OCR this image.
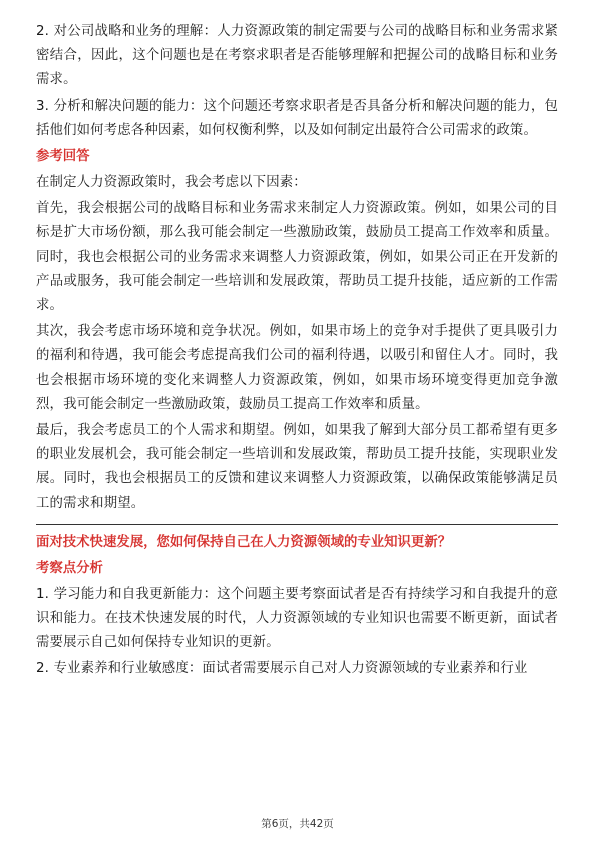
2. 对公司战略和业务的理解：人力资源政策的制定需要与公司的战略目标和业务需求紧密结合，因此，这个问题也是在考察求职者是否能够理解和把握公司的战略目标和业务需求。

3. 分析和解决问题的能力：这个问题还考察求职者是否具备分析和解决问题的能力，包括他们如何考虑各种因素，如何权衡利弊，以及如何制定出最符合公司需求的政策。

参考回答

在制定人力资源政策时，我会考虑以下因素：

首先，我会根据公司的战略目标和业务需求来制定人力资源政策。例如，如果公司的目标是扩大市场份额，那么我可能会制定一些激励政策，鼓励员工提高工作效率和质量。同时，我也会根据公司的业务需求来调整人力资源政策，例如，如果公司正在开发新的产品或服务，我可能会制定一些培训和发展政策，帮助员工提升技能，适应新的工作需求。

其次，我会考虑市场环境和竞争状况。例如，如果市场上的竞争对手提供了更具吸引力的福利和待遇，我可能会考虑提高我们公司的福利待遇，以吸引和留住人才。同时，我也会根据市场环境的变化来调整人力资源政策，例如，如果市场环境变得更加竞争激烈，我可能会制定一些激励政策，鼓励员工提高工作效率和质量。

最后，我会考虑员工的个人需求和期望。例如，如果我了解到大部分员工都希望有更多的职业发展机会，我可能会制定一些培训和发展政策，帮助员工提升技能，实现职业发展。同时，我也会根据员工的反馈和建议来调整人力资源政策，以确保政策能够满足员工的需求和期望。

面对技术快速发展，您如何保持自己在人力资源领域的专业知识更新？
考察点分析

1. 学习能力和自我更新能力：这个问题主要考察面试者是否有持续学习和自我提升的意识和能力。在技术快速发展的时代，人力资源领域的专业知识也需要不断更新，面试者需要展示自己如何保持专业知识的更新。

2. 专业素养和行业敏感度：面试者需要展示自己对人力资源领域的专业素养和行业

第6页，共42页
